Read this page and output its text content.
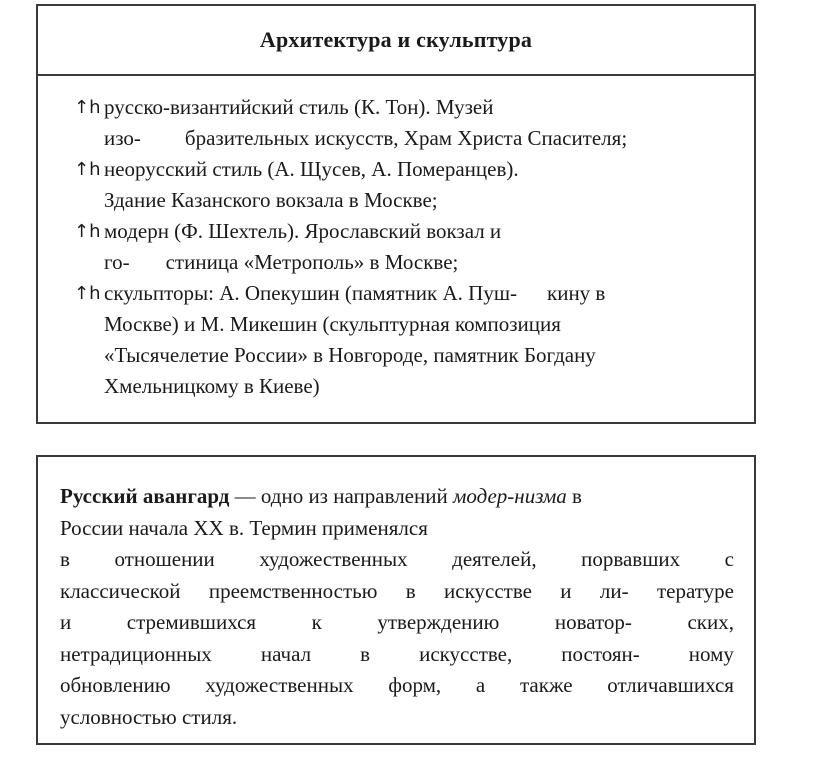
Архитектура и скульптура
↑h русско-византийский стиль (К. Тон). Музей
изо- бразительных искусств, Храм Христа Спасителя;
↑h неорусский стиль (А. Щусев, А. Померанцев).
Здание Казанского вокзала в Москве;
↑h модерн (Ф. Шехтель). Ярославский вокзал и
го- стиница «Метрополь» в Москве;
↑h скульпторы: А. Опекушин (памятник А. Пуш- кину в
Москве) и М. Микешин (скульптурная композиция
«Тысячелетие России» в Новгороде, памятник Богдану
Хмельницкому в Киеве)
Русский авангард — одно из направлений модер-низма в
России начала XX в. Термин применялся
в отношении художественных деятелей, порвавших с
классической преемственностью в искусстве и ли- тературе
и	стремившихся	к	утверждению	новатор-	ских,
нетрадиционных начал в искусстве, постоян- ному
обновлению художественных форм, а также отличавшихся
условностью стиля.
